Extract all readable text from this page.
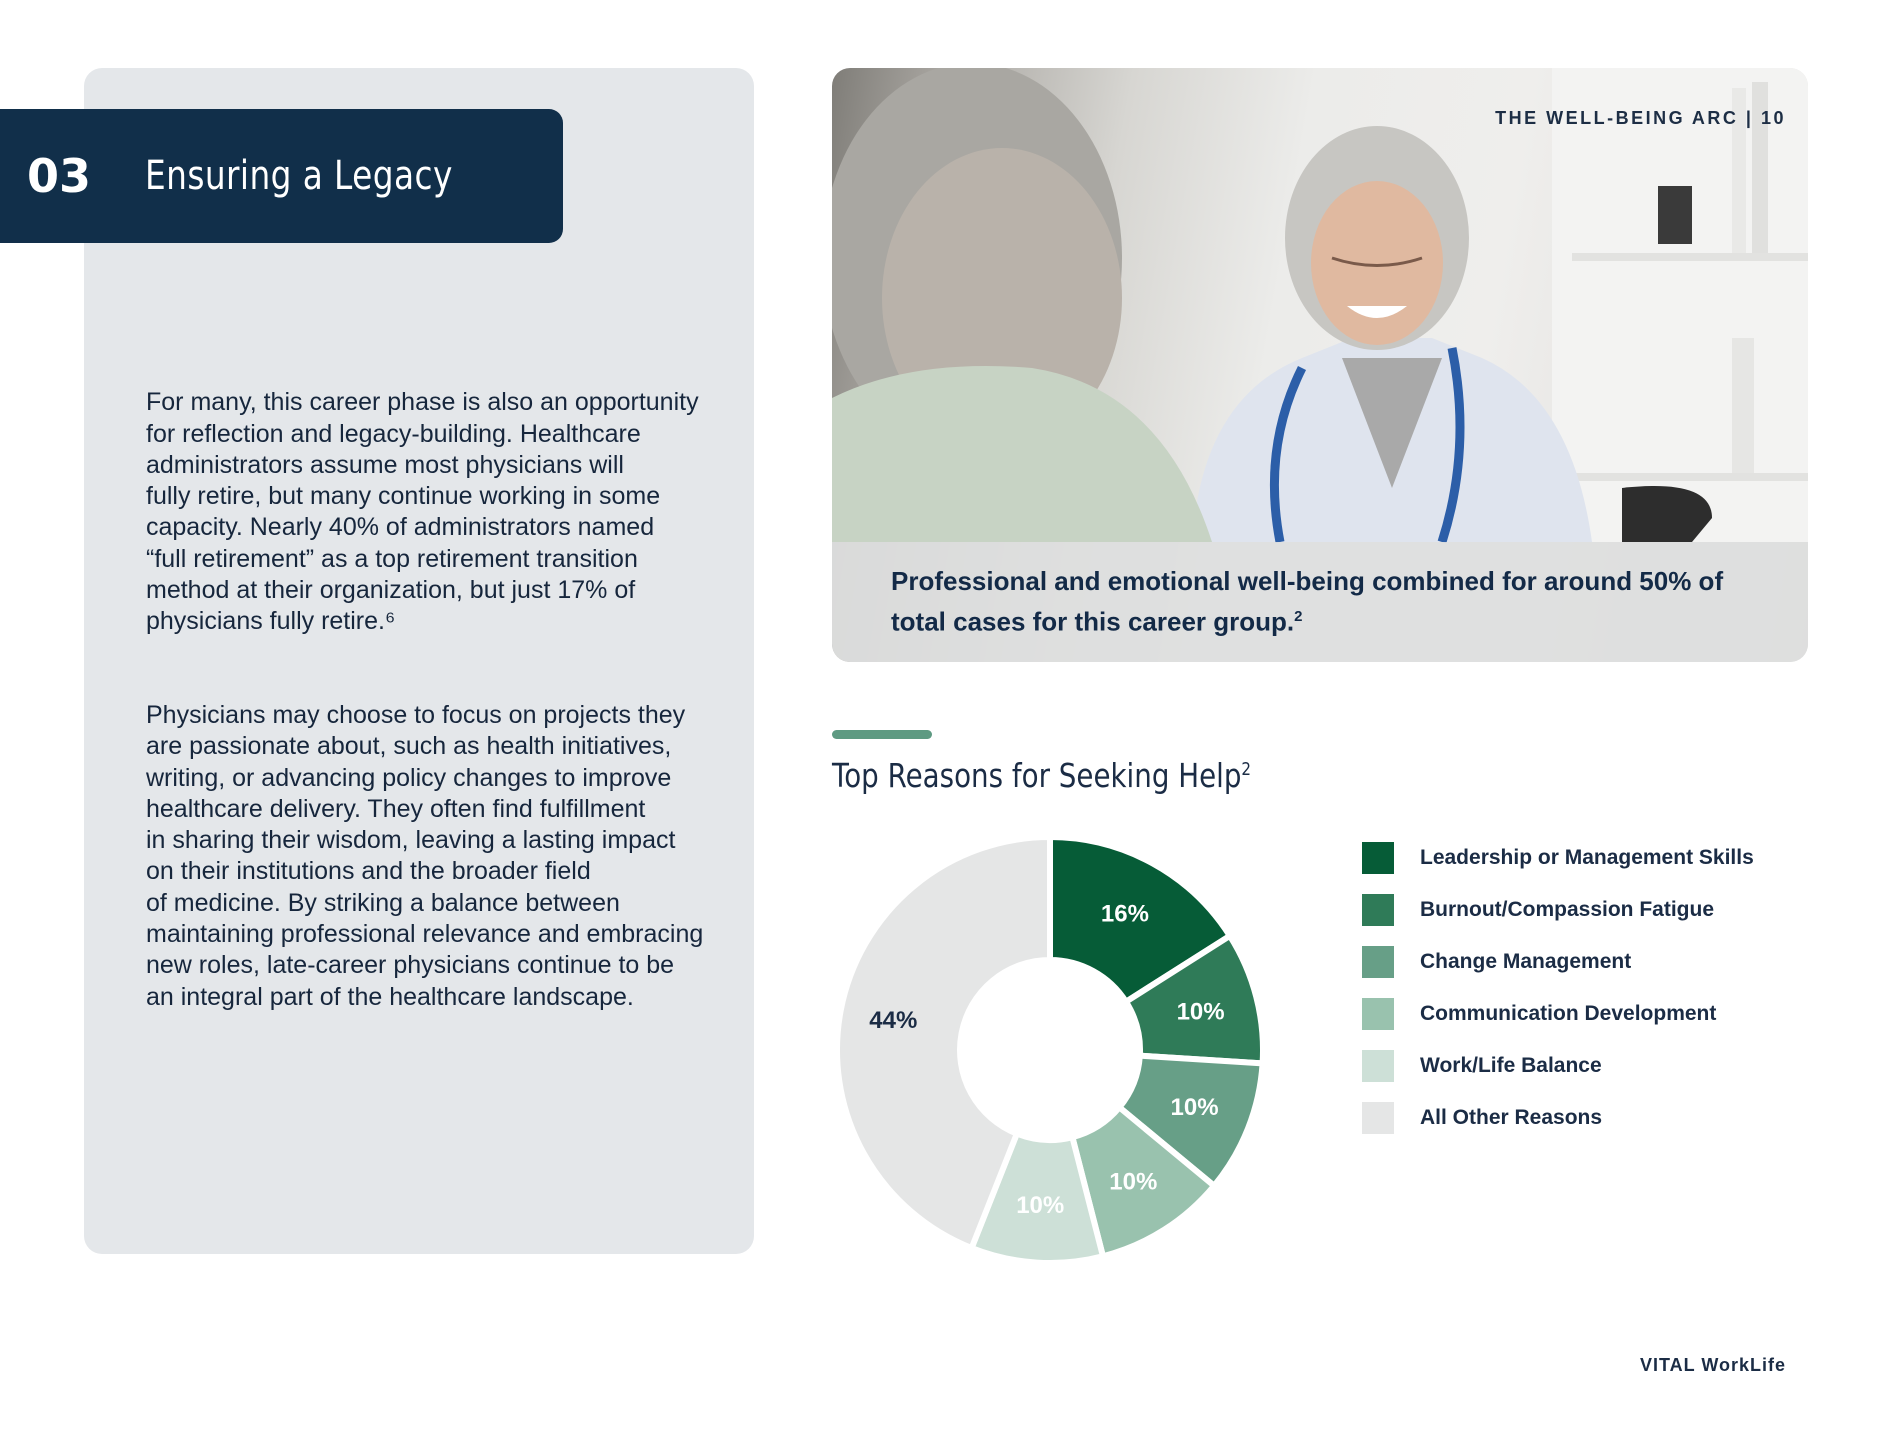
03 Ensuring a Legacy

For many, this career phase is also an opportunity
for reflection and legacy-building. Healthcare
administrators assume most physicians will
fully retire, but many continue working in some
capacity. Nearly 40% of administrators named
“full retirement” as a top retirement transition
method at their organization, but just 17% of
physicians fully retire.⁶

Physicians may choose to focus on projects they
are passionate about, such as health initiatives,
writing, or advancing policy changes to improve
healthcare delivery. They often find fulfillment
in sharing their wisdom, leaving a lasting impact
on their institutions and the broader field
of medicine. By striking a balance between
maintaining professional relevance and embracing
new roles, late-career physicians continue to be
an integral part of the healthcare landscape.

THE WELL-BEING ARC | 10
Professional and emotional well-being combined for around 50% of total cases for this career group.$^2$
Top Reasons for Seeking Help$^2$
16%
10%
10%
10%
10%
44%
Leadership or Management Skills
Burnout/Compassion Fatigue
Change Management
Communication Development
Work/Life Balance
All Other Reasons
VITAL WorkLife
